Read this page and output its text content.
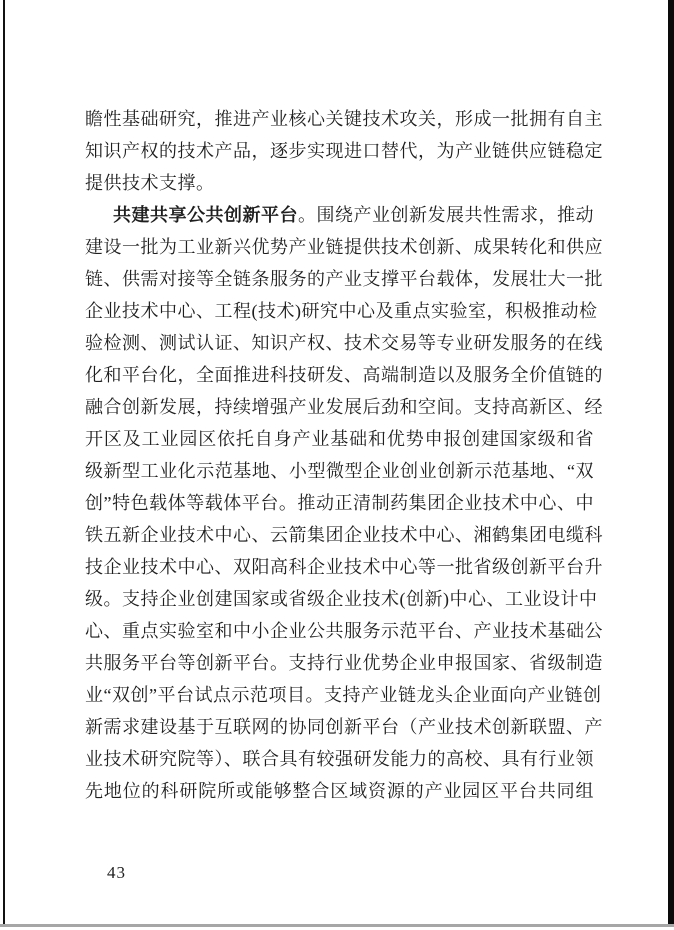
瞻性基础研究，推进产业核心关键技术攻关，形成一批拥有自主
知识产权的技术产品，逐步实现进口替代，为产业链供应链稳定
提供技术支撑。
共建共享公共创新平台。围绕产业创新发展共性需求，推动
建设一批为工业新兴优势产业链提供技术创新、成果转化和供应
链、供需对接等全链条服务的产业支撑平台载体，发展壮大一批
企业技术中心、工程(技术)研究中心及重点实验室，积极推动检
验检测、测试认证、知识产权、技术交易等专业研发服务的在线
化和平台化，全面推进科技研发、高端制造以及服务全价值链的
融合创新发展，持续增强产业发展后劲和空间。支持高新区、经
开区及工业园区依托自身产业基础和优势申报创建国家级和省
级新型工业化示范基地、小型微型企业创业创新示范基地、“双
创”特色载体等载体平台。推动正清制药集团企业技术中心、中
铁五新企业技术中心、云箭集团企业技术中心、湘鹤集团电缆科
技企业技术中心、双阳高科企业技术中心等一批省级创新平台升
级。支持企业创建国家或省级企业技术(创新)中心、工业设计中
心、重点实验室和中小企业公共服务示范平台、产业技术基础公
共服务平台等创新平台。支持行业优势企业申报国家、省级制造
业“双创”平台试点示范项目。支持产业链龙头企业面向产业链创
新需求建设基于互联网的协同创新平台（产业技术创新联盟、产
业技术研究院等）、联合具有较强研发能力的高校、具有行业领
先地位的科研院所或能够整合区域资源的产业园区平台共同组
43
